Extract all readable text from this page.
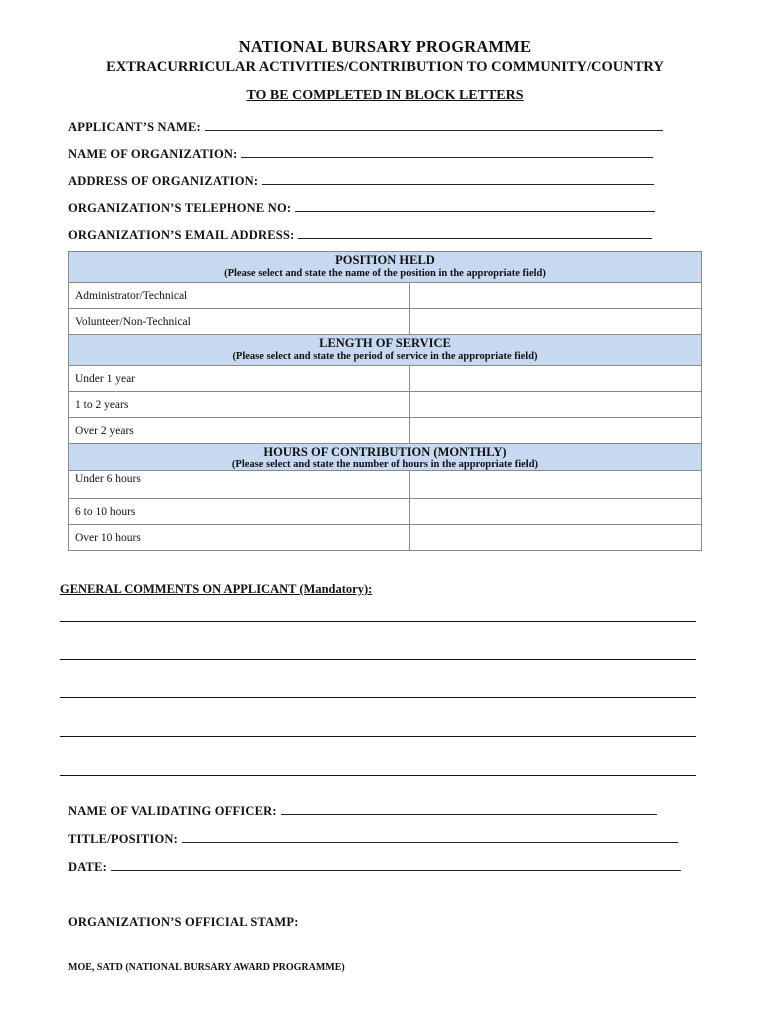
NATIONAL BURSARY PROGRAMME
EXTRACURRICULAR ACTIVITIES/CONTRIBUTION TO COMMUNITY/COUNTRY
TO BE COMPLETED IN BLOCK LETTERS
APPLICANT’S NAME:
NAME OF ORGANIZATION:
ADDRESS OF ORGANIZATION:
ORGANIZATION’S TELEPHONE NO:
ORGANIZATION’S EMAIL ADDRESS:
POSITION HELD
(Please select and state the name of the position in the appropriate field)	

Administrator/Technical	
Volunteer/Non-Technical	

LENGTH OF SERVICE
(Please select and state the period of service in the appropriate field)	

Under 1 year	
1 to 2 years	
Over 2 years	

HOURS OF CONTRIBUTION (MONTHLY)
(Please select and state the number of hours in the appropriate field)	

Under 6 hours	
6 to 10 hours	
Over 10 hours	
GENERAL COMMENTS ON APPLICANT (Mandatory):
NAME OF VALIDATING OFFICER:
TITLE/POSITION:
DATE:
ORGANIZATION’S OFFICIAL STAMP:
MOE, SATD (NATIONAL BURSARY AWARD PROGRAMME)
